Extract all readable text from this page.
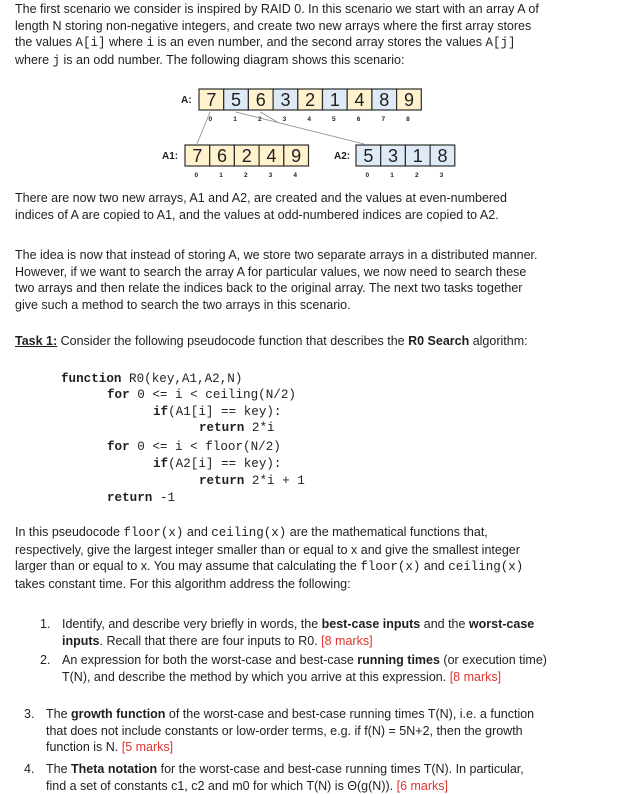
The first scenario we consider is inspired by RAID 0. In this scenario we start with an array A of
length N storing non-negative integers, and create two new arrays where the first array stores
the values A[i] where i is an even number, and the second array stores the values A[j]
where j is an odd number. The following diagram shows this scenario:
A: 7 5 6 3 2 1 4 8 9
0	1	2	3	4	5	6	7	8
A1: 7 6 2 4 9
0	1	2	3	4
A2: 5 3 1 8
0	1	2	3
There are now two new arrays, A1 and A2, are created and the values at even-numbered
indices of A are copied to A1, and the values at odd-numbered indices are copied to A2.
The idea is now that instead of storing A, we store two separate arrays in a distributed manner.
However, if we want to search the array A for particular values, we now need to search these
two arrays and then relate the indices back to the original array. The next two tasks together
give such a method to search the two arrays in this scenario.
Task 1: Consider the following pseudocode function that describes the R0 Search algorithm:
function R0(key,A1,A2,N)
for 0 <= i < ceiling(N/2)
if(A1[i] == key):
return 2*i
for 0 <= i < floor(N/2)
if(A2[i] == key):
return 2*i + 1
return -1
In this pseudocode floor(x) and ceiling(x) are the mathematical functions that,
respectively, give the largest integer smaller than or equal to x and give the smallest integer
larger than or equal to x. You may assume that calculating the floor(x) and ceiling(x)
takes constant time. For this algorithm address the following:
1. Identify, and describe very briefly in words, the best-case inputs and the worst-case
inputs. Recall that there are four inputs to R0. [8 marks]
2. An expression for both the worst-case and best-case running times (or execution time)
T(N), and describe the method by which you arrive at this expression. [8 marks]
3. The growth function of the worst-case and best-case running times T(N), i.e. a function
that does not include constants or low-order terms, e.g. if f(N) = 5N+2, then the growth
function is N. [5 marks]
4. The Theta notation for the worst-case and best-case running times T(N). In particular,
find a set of constants c1, c2 and m0 for which T(N) is Θ(g(N)). [6 marks]
